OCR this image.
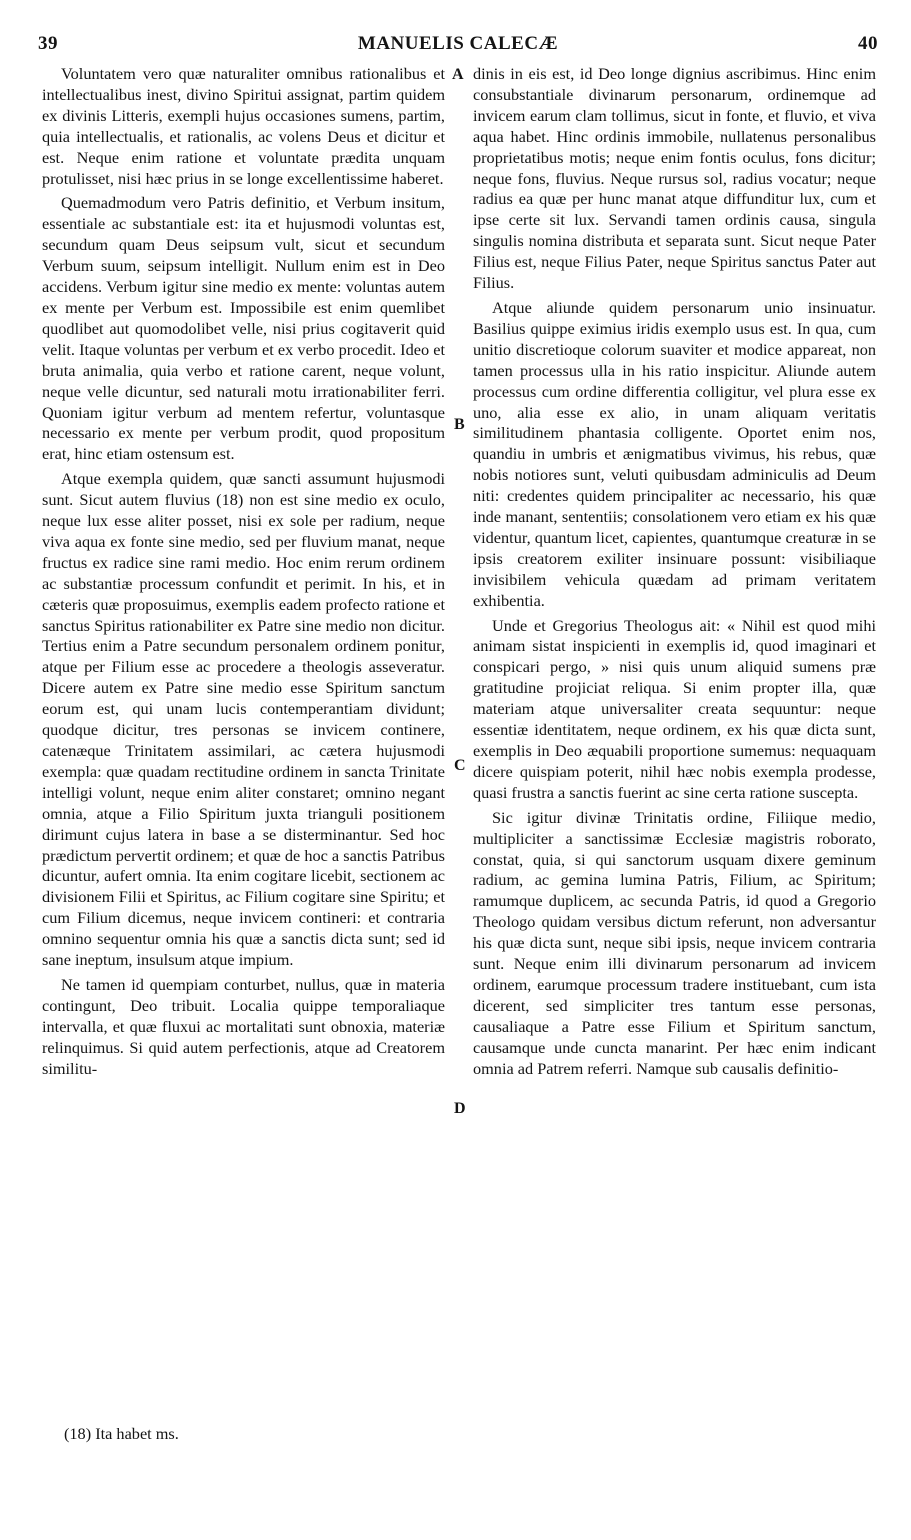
39	MANUELIS CALECÆ	40

Voluntatem vero quæ naturaliter omnibus rationalibus et intellectualibus inest, divino Spiritui assignat, partim quidem ex divinis Litteris, exempli hujus occasiones sumens, partim, quia intellectualis, et rationalis, ac volens Deus et dicitur et est. Neque enim ratione et voluntate prædita unquam protulisset, nisi hæc prius in se longe excellentissime haberet.

Quemadmodum vero Patris definitio, et Verbum insitum, essentiale ac substantiale est: ita et hujusmodi voluntas est, secundum quam Deus seipsum vult, sicut et secundum Verbum suum, seipsum intelligit. Nullum enim est in Deo accidens. Verbum igitur sine medio ex mente: voluntas autem ex mente per Verbum est. Impossibile est enim quemlibet quodlibet aut quomodolibet velle, nisi prius cogitaverit quid velit. Itaque voluntas per verbum et ex verbo procedit. Ideo et bruta animalia, quia verbo et ratione carent, neque volunt, neque velle dicuntur, sed naturali motu irrationabiliter ferri. Quoniam igitur verbum ad mentem refertur, voluntasque necessario ex mente per verbum prodit, quod propositum erat, hinc etiam ostensum est.

Atque exempla quidem, quæ sancti assumunt hujusmodi sunt. Sicut autem fluvius (18) non est sine medio ex oculo, neque lux esse aliter posset, nisi ex sole per radium, neque viva aqua ex fonte sine medio, sed per fluvium manat, neque fructus ex radice sine rami medio. Hoc enim rerum ordinem ac substantiæ processum confundit et perimit. In his, et in cæteris quæ proposuimus, exemplis eadem profecto ratione et sanctus Spiritus rationabiliter ex Patre sine medio non dicitur. Tertius enim a Patre secundum personalem ordinem ponitur, atque per Filium esse ac procedere a theologis asseveratur. Dicere autem ex Patre sine medio esse Spiritum sanctum eorum est, qui unam lucis contemperantiam dividunt; quodque dicitur, tres personas se invicem continere, catenæque Trinitatem assimilari, ac cætera hujusmodi exempla: quæ quadam rectitudine ordinem in sancta Trinitate intelligi volunt, neque enim aliter constaret; omnino negant omnia, atque a Filio Spiritum juxta trianguli positionem dirimunt cujus latera in base a se disterminantur. Sed hoc prædictum pervertit ordinem; et quæ de hoc a sanctis Patribus dicuntur, aufert omnia. Ita enim cogitare licebit, sectionem ac divisionem Filii et Spiritus, ac Filium cogitare sine Spiritu; et cum Filium dicemus, neque invicem contineri: et contraria omnino sequentur omnia his quæ a sanctis dicta sunt; sed id sane ineptum, insulsum atque impium.

Ne tamen id quempiam conturbet, nullus, quæ in materia contingunt, Deo tribuit. Localia quippe temporaliaque intervalla, et quæ fluxui ac mortalitati sunt obnoxia, materiæ relinquimus. Si quid autem perfectionis, atque ad Creatorem similitu-

A
B
C
D

dinis in eis est, id Deo longe dignius ascribimus. Hinc enim consubstantiale divinarum personarum, ordinemque ad invicem earum clam tollimus, sicut in fonte, et fluvio, et viva aqua habet. Hinc ordinis immobile, nullatenus personalibus proprietatibus motis; neque enim fontis oculus, fons dicitur; neque fons, fluvius. Neque rursus sol, radius vocatur; neque radius ea quæ per hunc manat atque diffunditur lux, cum et ipse certe sit lux. Servandi tamen ordinis causa, singula singulis nomina distributa et separata sunt. Sicut neque Pater Filius est, neque Filius Pater, neque Spiritus sanctus Pater aut Filius.

Atque aliunde quidem personarum unio insinuatur. Basilius quippe eximius iridis exemplo usus est. In qua, cum unitio discretioque colorum suaviter et modice appareat, non tamen processus ulla in his ratio inspicitur. Aliunde autem processus cum ordine differentia colligitur, vel plura esse ex uno, alia esse ex alio, in unam aliquam veritatis similitudinem phantasia colligente. Oportet enim nos, quandiu in umbris et ænigmatibus vivimus, his rebus, quæ nobis notiores sunt, veluti quibusdam adminiculis ad Deum niti: credentes quidem principaliter ac necessario, his quæ inde manant, sententiis; consolationem vero etiam ex his quæ videntur, quantum licet, capientes, quantumque creaturæ in se ipsis creatorem exiliter insinuare possunt: visibiliaque invisibilem vehicula quædam ad primam veritatem exhibentia.

Unde et Gregorius Theologus ait: « Nihil est quod mihi animam sistat inspicienti in exemplis id, quod imaginari et conspicari pergo, » nisi quis unum aliquid sumens præ gratitudine projiciat reliqua. Si enim propter illa, quæ materiam atque universaliter creata sequuntur: neque essentiæ identitatem, neque ordinem, ex his quæ dicta sunt, exemplis in Deo æquabili proportione sumemus: nequaquam dicere quispiam poterit, nihil hæc nobis exempla prodesse, quasi frustra a sanctis fuerint ac sine certa ratione suscepta.

Sic igitur divinæ Trinitatis ordine, Filiique medio, multipliciter a sanctissimæ Ecclesiæ magistris roborato, constat, quia, si qui sanctorum usquam dixere geminum radium, ac gemina lumina Patris, Filium, ac Spiritum; ramumque duplicem, ac secunda Patris, id quod a Gregorio Theologo quidam versibus dictum referunt, non adversantur his quæ dicta sunt, neque sibi ipsis, neque invicem contraria sunt. Neque enim illi divinarum personarum ad invicem ordinem, earumque processum tradere instituebant, cum ista dicerent, sed simpliciter tres tantum esse personas, causaliaque a Patre esse Filium et Spiritum sanctum, causamque unde cuncta manarint. Per hæc enim indicant omnia ad Patrem referri. Namque sub causalis definitio-

(18) Ita habet ms.
